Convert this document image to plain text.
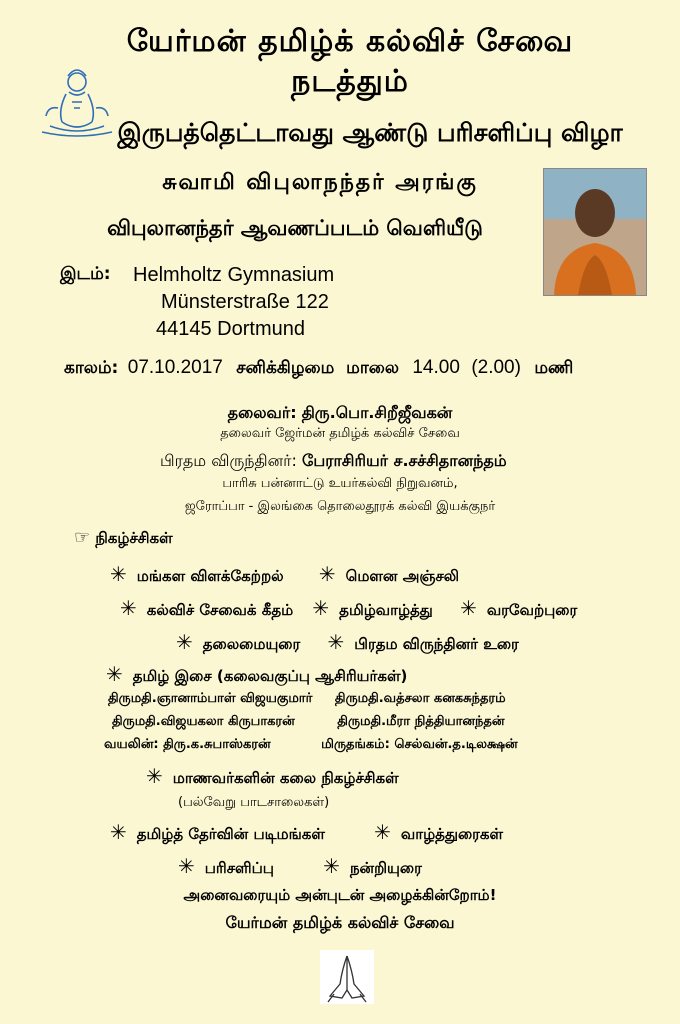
யேர்மன் தமிழ்க் கல்விச் சேவை
நடத்தும்
இருபத்தெட்டாவது ஆண்டு பரிசளிப்பு விழா
சுவாமி விபுலாநந்தர் அரங்கு
விபுலானந்தர் ஆவணப்படம் வெளியீடு
இடம்: Helmholtz Gymnasium
Münsterstraße 122
44145 Dortmund
காலம்: 07.10.2017 சனிக்கிழமை மாலை 14.00 (2.00) மணி
தலைவர்: திரு.பொ.சிறீஜீவகன்
தலைவர் ஜேர்மன் தமிழ்க் கல்விச் சேவை
பிரதம விருந்தினர்: பேராசிரியர் ச.சச்சிதானந்தம்
பாரிசு பன்னாட்டு உயர்கல்வி நிறுவனம்,
ஜரோப்பா - இலங்கை தொலைதூரக் கல்வி இயக்குநர்
☞ நிகழ்ச்சிகள்
✳ மங்கள விளக்கேற்றல் ✳ மௌன அஞ்சலி
✳ கல்விச் சேவைக் கீதம் ✳ தமிழ்வாழ்த்து ✳ வரவேற்புரை
✳ தலைமையுரை ✳ பிரதம விருந்தினர் உரை
✳ தமிழ் இசை (கலைவகுப்பு ஆசிரியர்கள்)
திருமதி.ஞானாம்பாள் விஜயகுமார் திருமதி.வத்சலா கனகசுந்தரம்
திருமதி.விஜயகலா கிருபாகரன்	திருமதி.மீரா நித்தியானந்தன்
வயலின்: திரு.க.சுபாஸ்கரன்	மிருதங்கம்: செல்வன்.த.டிலக்ஷன்
✳ மாணவர்களின் கலை நிகழ்ச்சிகள்
(பல்வேறு பாடசாலைகள்)
✳ தமிழ்த் தேர்வின் படிமங்கள் ✳ வாழ்த்துரைகள்
✳ பரிசளிப்பு ✳ நன்றியுரை
அனைவரையும் அன்புடன் அழைக்கின்றோம்!
யேர்மன் தமிழ்க் கல்விச் சேவை
